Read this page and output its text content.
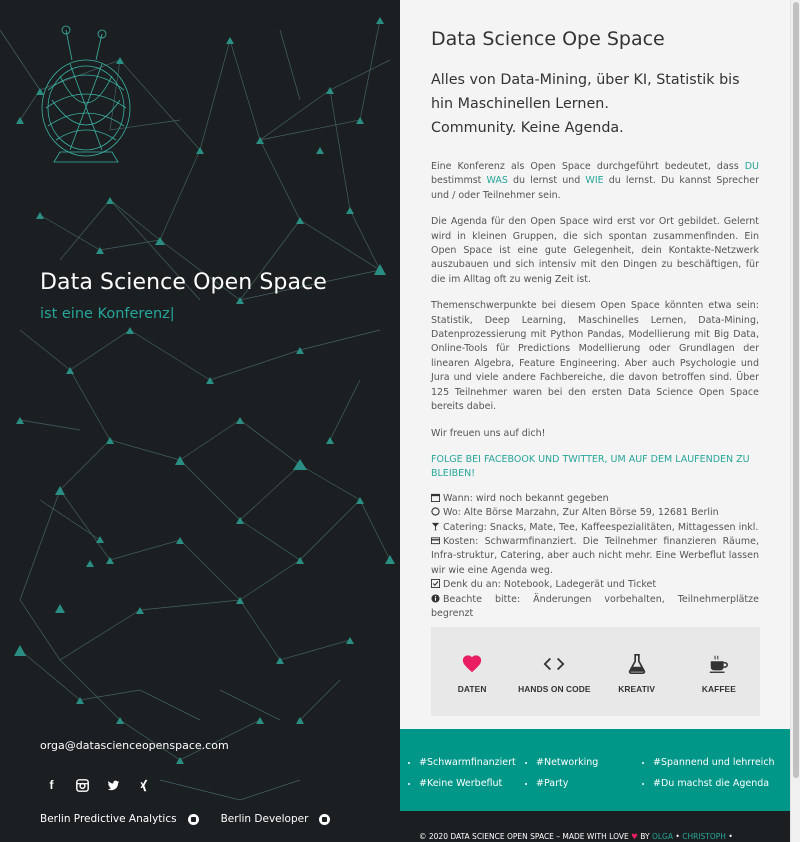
Data Science Open Space
ist eine Konferenz|
orga@datascienceopenspace.com
f
Berlin Predictive Analytics	Berlin Developer
Data Science Ope Space
Alles von Data-Mining, über KI, Statistik bis hin Maschinellen Lernen.
Community. Keine Agenda.

Eine Konferenz als Open Space durchgeführt bedeutet, dass DU bestimmst WAS du lernst und WIE du lernst. Du kannst Sprecher und / oder Teilnehmer sein.

Die Agenda für den Open Space wird erst vor Ort gebildet. Gelernt wird in kleinen Gruppen, die sich spontan zusammenfinden. Ein Open Space ist eine gute Gelegenheit, dein Kontakte-Netzwerk auszubauen und sich intensiv mit den Dingen zu beschäftigen, für die im Alltag oft zu wenig Zeit ist.

Themenschwerpunkte bei diesem Open Space könnten etwa sein: Statistik, Deep Learning, Maschinelles Lernen, Data-Mining, Datenprozessierung mit Python Pandas, Modellierung mit Big Data, Online-Tools für Predictions Modellierung oder Grundlagen der linearen Algebra, Feature Engineering. Aber auch Psychologie und Jura und viele andere Fachbereiche, die davon betroffen sind. Über 125 Teilnehmer waren bei den ersten Data Science Open Space bereits dabei.

Wir freuen uns auf dich!

FOLGE BEI FACEBOOK UND TWITTER, UM AUF DEM LAUFENDEN ZU BLEIBEN!
Wann: wird noch bekannt gegeben
Wo: Alte Börse Marzahn, Zur Alten Börse 59, 12681 Berlin
Catering: Snacks, Mate, Tee, Kaffeespezialitäten, Mittagessen inkl.
Kosten: Schwarmfinanziert. Die Teilnehmer finanzieren Räume, Infra-struktur, Catering, aber auch nicht mehr. Eine Werbeflut lassen wir wie eine Agenda weg.
Denk du an: Notebook, Ladegerät und Ticket
Beachte bitte: Änderungen vorbehalten, Teilnehmerplätze begrenzt
DATEN	HANDS ON CODE	KREATIV	KAFFEE
• #Schwarmfinanziert
• #Keine Werbeflut
• #Networking
• #Party
• #Spannend und lehrreich
• #Du machst die Agenda
© 2020 DATA SCIENCE OPEN SPACE – MADE WITH LOVE ♥ BY OLGA • CHRISTOPH •
